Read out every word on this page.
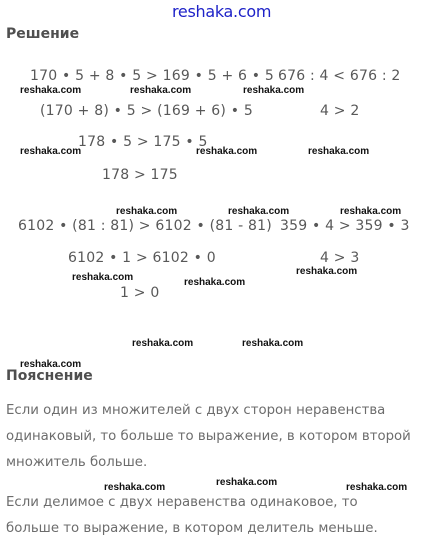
reshaka.com
Решение
170 • 5 + 8 • 5 > 169 • 5 + 6 • 5
(170 + 8) • 5 > (169 + 6) • 5
178 • 5 > 175 • 5
178 > 175
676 : 4 < 676 : 2
4 > 2
6102 • (81 : 81) > 6102 • (81 - 81)
6102 • 1 > 6102 • 0
1 > 0
359 • 4 > 359 • 3
4 > 3
Пояснение
Если один из множителей с двух сторон неравенства
одинаковый, то больше то выражение, в котором второй
множитель больше.
Если делимое с двух неравенства одинаковое, то
больше то выражение, в котором делитель меньше.
reshaka.com	reshaka.com	reshaka.com
reshaka.com	reshaka.com	reshaka.com
reshaka.com	reshaka.com	reshaka.com
reshaka.com	reshaka.com
reshaka.com
reshaka.com	reshaka.com
reshaka.com
reshaka.com	reshaka.com	reshaka.com
